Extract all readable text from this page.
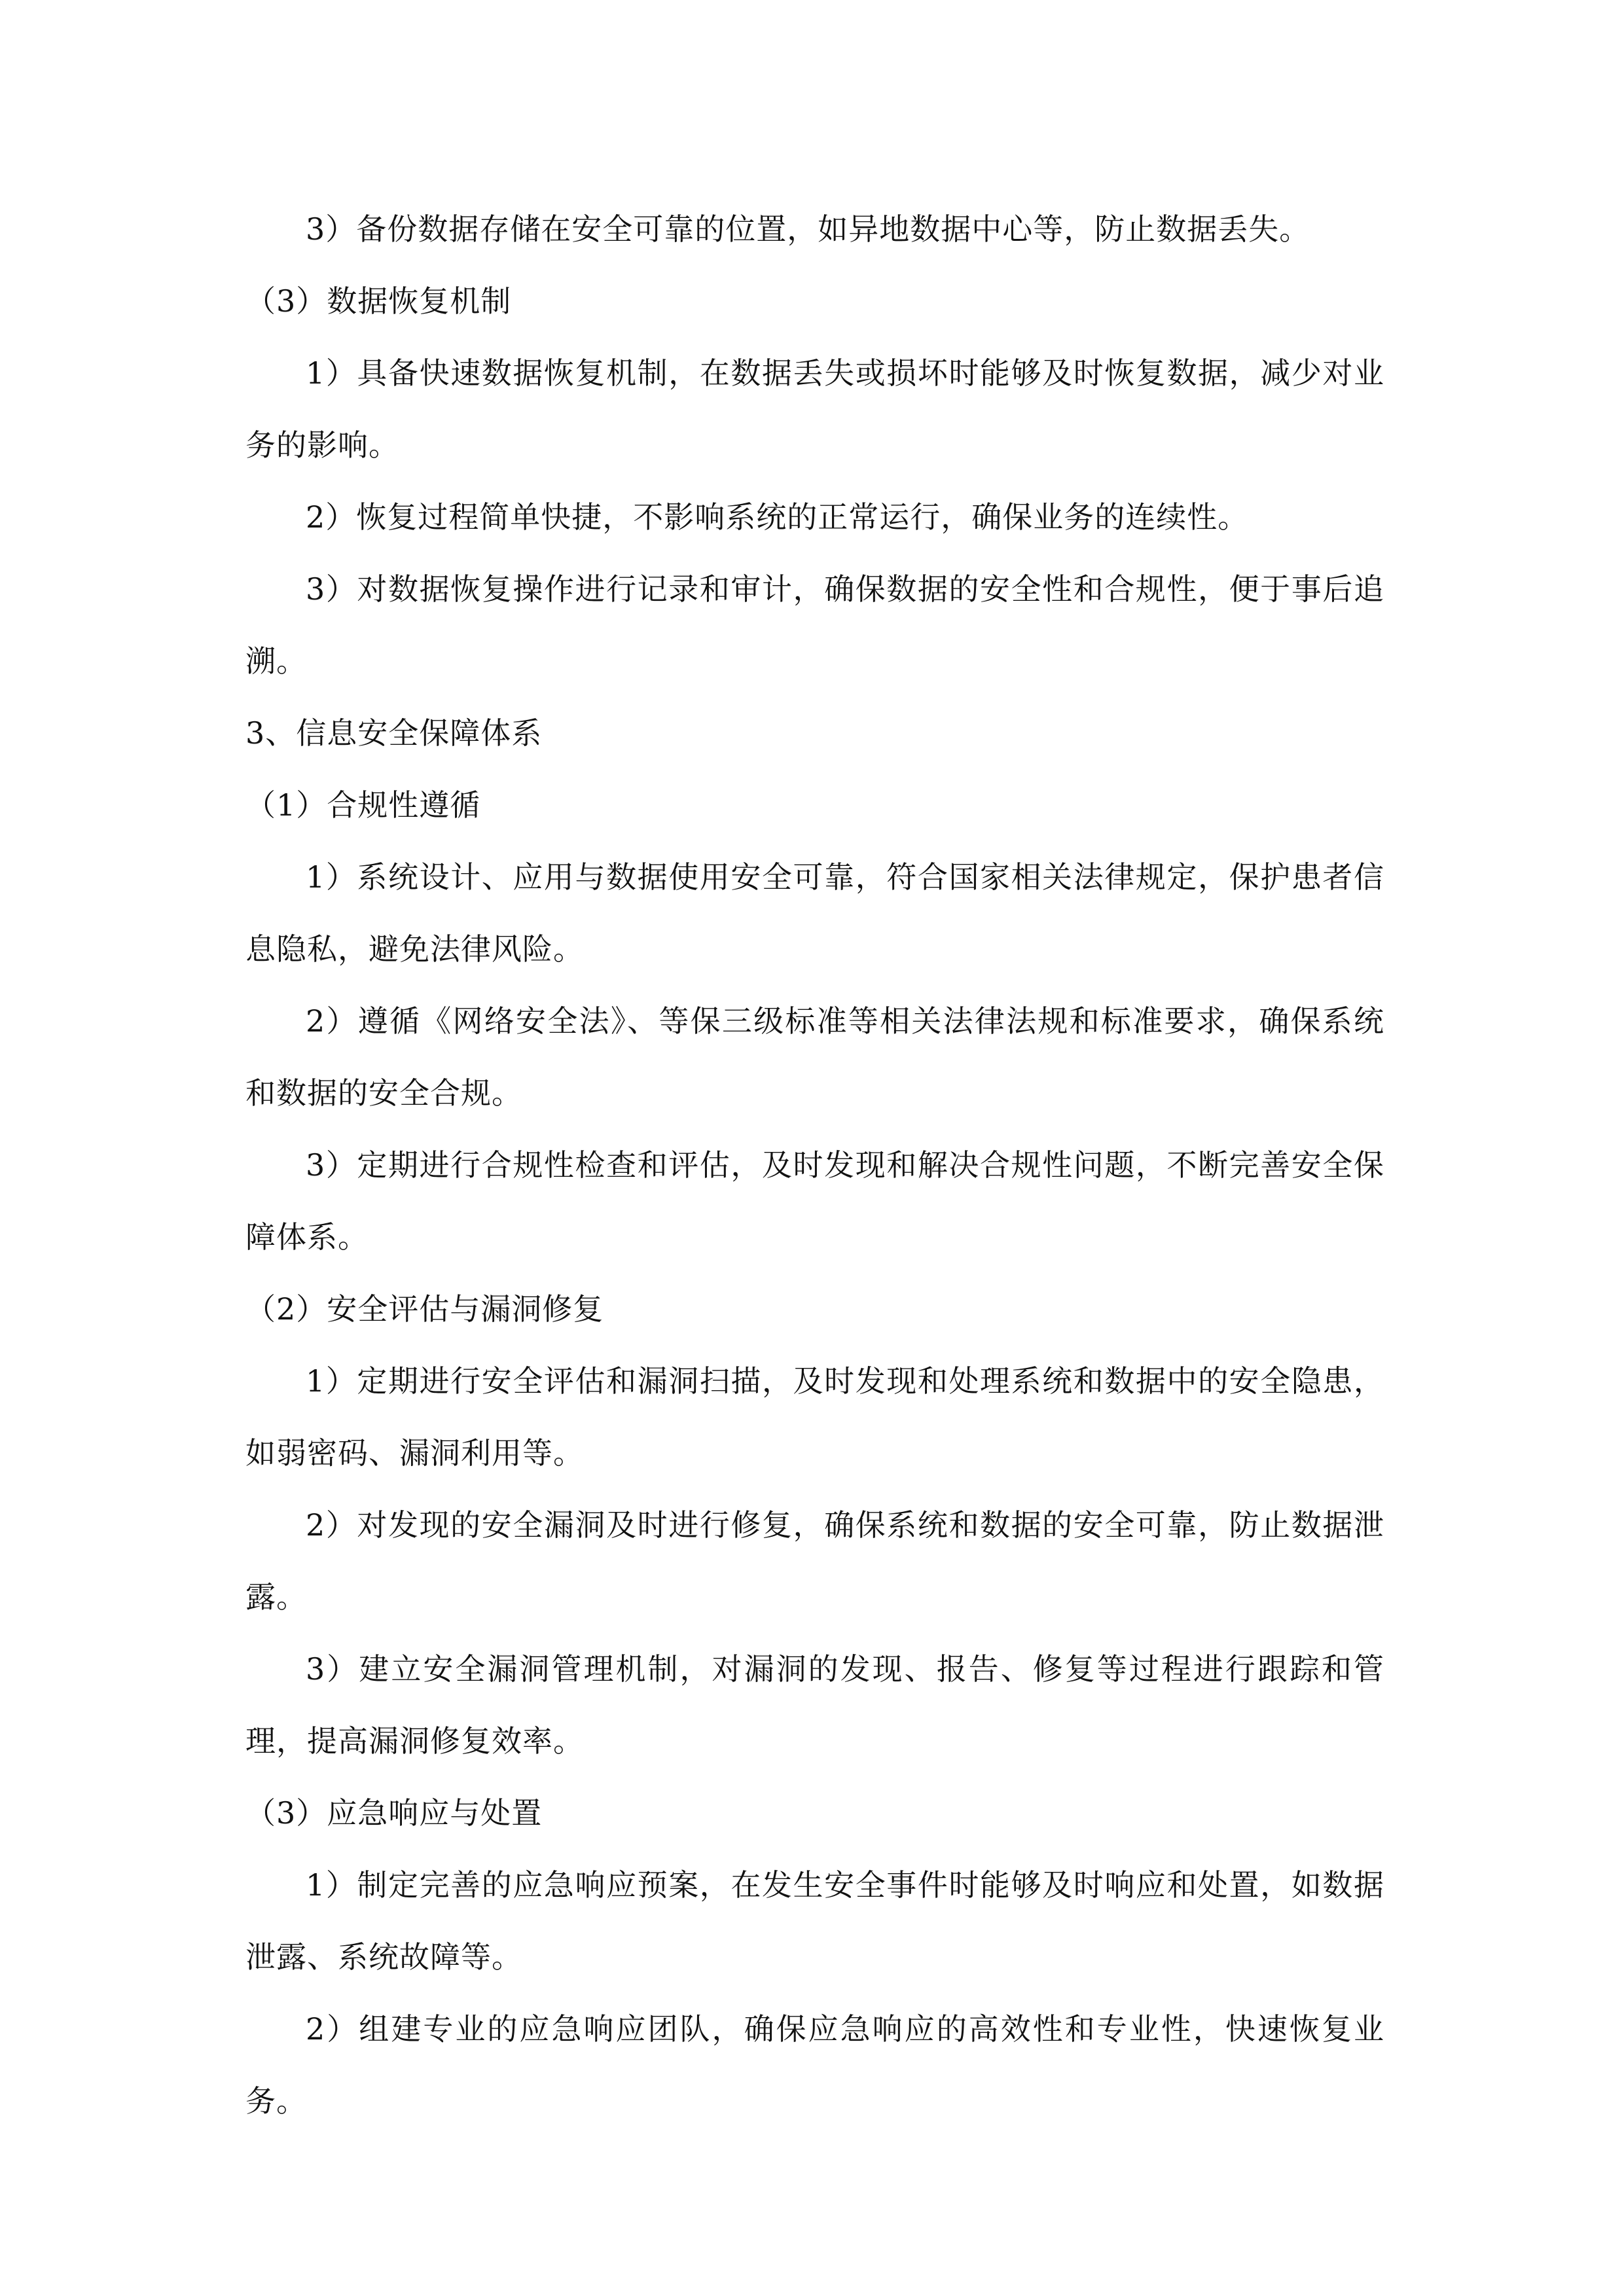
3）备份数据存储在安全可靠的位置，如异地数据中心等，防止数据丢失。

（3）数据恢复机制

1）具备快速数据恢复机制，在数据丢失或损坏时能够及时恢复数据，减少对业务的影响。

2）恢复过程简单快捷，不影响系统的正常运行，确保业务的连续性。

3）对数据恢复操作进行记录和审计，确保数据的安全性和合规性，便于事后追溯。

3、信息安全保障体系

（1）合规性遵循

1）系统设计、应用与数据使用安全可靠，符合国家相关法律规定，保护患者信息隐私，避免法律风险。

2）遵循《网络安全法》、等保三级标准等相关法律法规和标准要求，确保系统和数据的安全合规。

3）定期进行合规性检查和评估，及时发现和解决合规性问题，不断完善安全保障体系。

（2）安全评估与漏洞修复

1）定期进行安全评估和漏洞扫描，及时发现和处理系统和数据中的安全隐患，如弱密码、漏洞利用等。

2）对发现的安全漏洞及时进行修复，确保系统和数据的安全可靠，防止数据泄露。

3）建立安全漏洞管理机制，对漏洞的发现、报告、修复等过程进行跟踪和管理，提高漏洞修复效率。

（3）应急响应与处置

1）制定完善的应急响应预案，在发生安全事件时能够及时响应和处置，如数据泄露、系统故障等。

2）组建专业的应急响应团队，确保应急响应的高效性和专业性，快速恢复业务。
